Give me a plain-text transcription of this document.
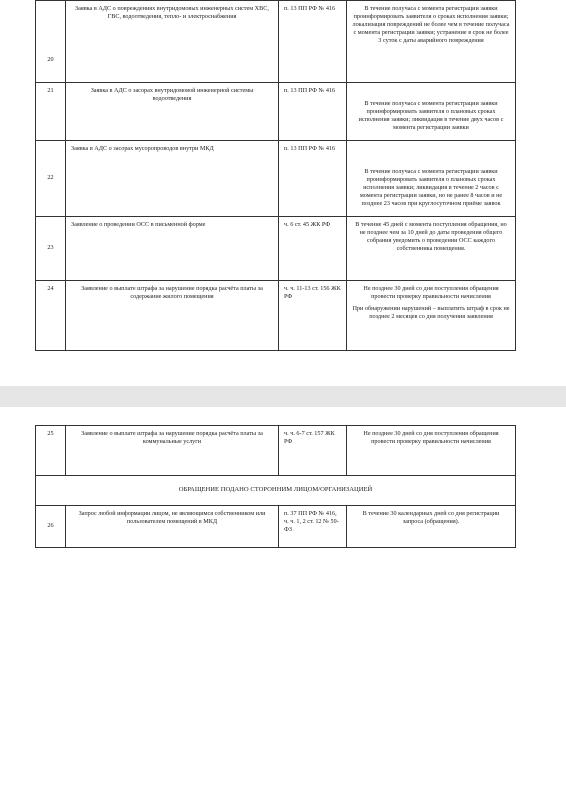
20	Заявка в АДС о повреждениях внутридомовых инженерных систем ХВС, ГВС, водоотведения, тепло- и электроснабжения	п. 13 ПП РФ № 416	В течение получаса с момента регистрации заявки проинформировать заявителя о сроках исполнения заявки; локализация повреждений не более чем в течение получаса с момента регистрации заявки; устранение в срок не более 3 суток с даты аварийного повреждения

21	Заявка в АДС о засорах внутридомовой инженерной системы водоотведения	п. 13 ПП РФ № 416	В течение получаса с момента регистрации заявки проинформировать заявителя о плановых сроках исполнения заявки; ликвидация в течение двух часов с момента регистрации заявки

22	Заявка в АДС о засорах мусоропроводов внутри МКД	п. 13 ПП РФ № 416	В течение получаса с момента регистрации заявки проинформировать заявителя о плановых сроках исполнения заявки; ликвидация в течение 2 часов с момента регистрации заявки, но не ранее 8 часов и не позднее 23 часов при круглосуточном приёме заявок

23	Заявление о проведении ОСС в письменной форме	ч. 6 ст. 45 ЖК РФ	В течение 45 дней с момента поступления обращения, но не позднее чем за 10 дней до даты проведения общего собрания уведомить о проведении ОСС каждого собственника помещения.

24	Заявление о выплате штрафа за нарушение порядка расчёта платы за содержание жилого помещения	ч. ч. 11-13 ст. 156 ЖК РФ	Не позднее 30 дней со дня поступления обращения провести проверку правильности начисления

При обнаружении нарушений – выплатить штраф в срок не позднее 2 месяцев со дня получения заявления

25	Заявление о выплате штрафа за нарушение порядка расчёта платы за коммунальные услуги	ч. ч. 6-7 ст. 157 ЖК РФ	Не позднее 30 дней со дня поступления обращения провести проверку правильности начисления

ОБРАЩЕНИЕ ПОДАНО СТОРОННИМ ЛИЦОМ/ОРГАНИЗАЦИЕЙ			
26	Запрос любой информации лицом, не являющимся собственником или пользователем помещений в МКД	п. 37 ПП РФ № 416, ч. ч. 1, 2 ст. 12 № 59-ФЗ	В течение 30 календарных дней со дня регистрации запроса (обращения).
